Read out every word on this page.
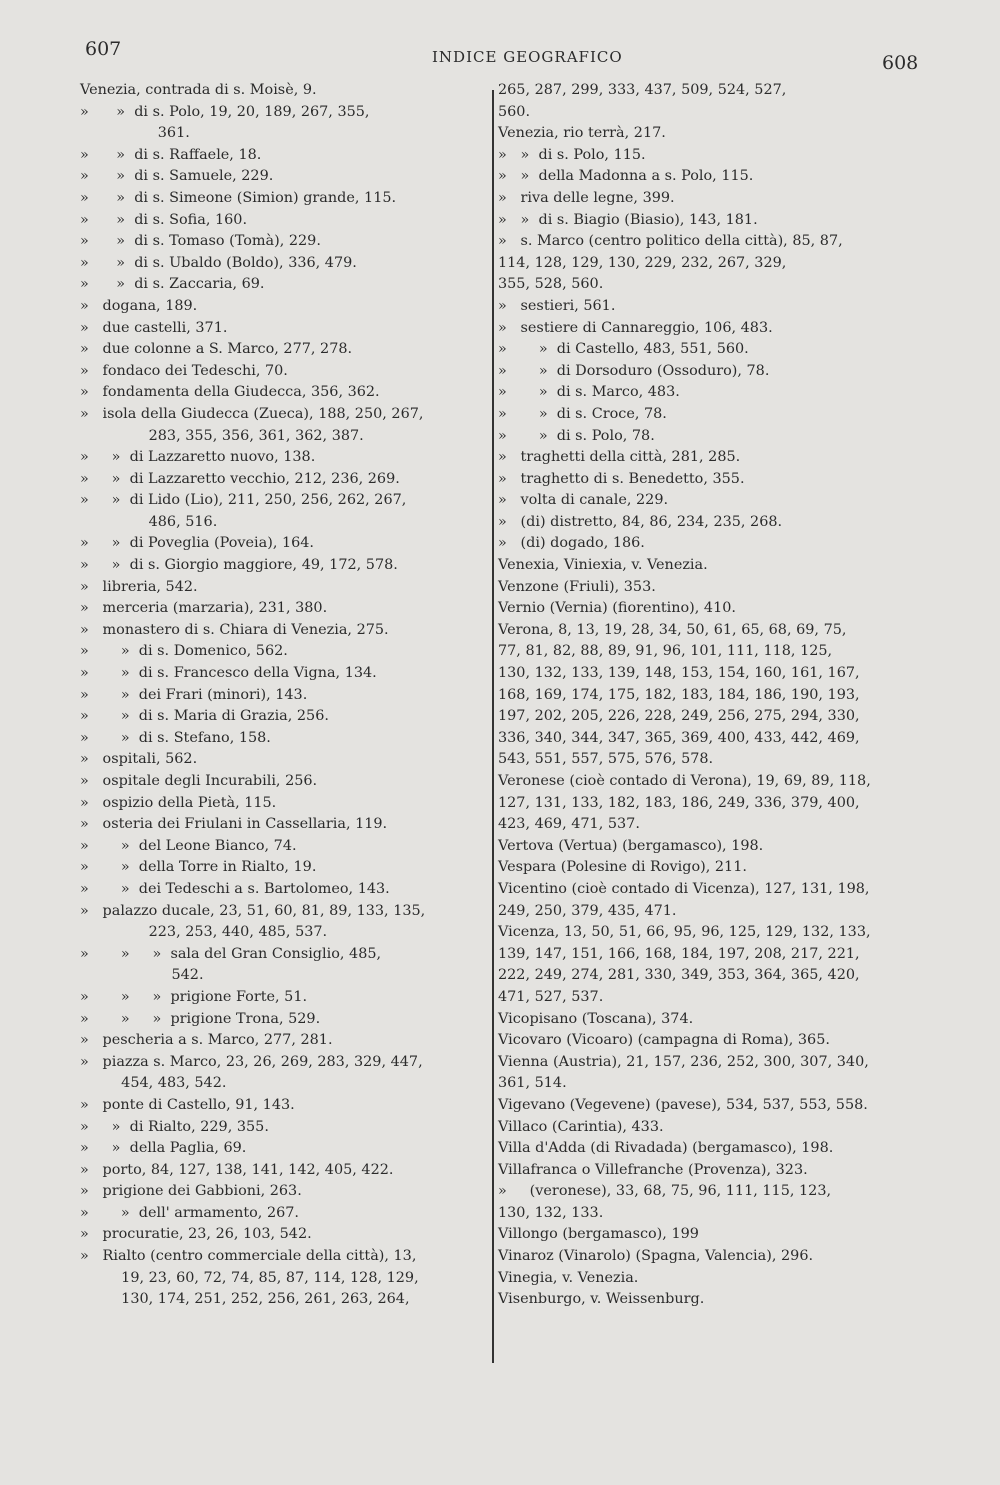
607	INDICE GEOGRAFICO	608
Venezia, contrada di s. Moisè, 9.
»      »  di s. Polo, 19, 20, 189, 267, 355,
361.
»      »  di s. Raffaele, 18.
»      »  di s. Samuele, 229.
»      »  di s. Simeone (Simion) grande, 115.
»      »  di s. Sofia, 160.
»      »  di s. Tomaso (Tomà), 229.
»      »  di s. Ubaldo (Boldo), 336, 479.
»      »  di s. Zaccaria, 69.
»   dogana, 189.
»   due castelli, 371.
»   due colonne a S. Marco, 277, 278.
»   fondaco dei Tedeschi, 70.
»   fondamenta della Giudecca, 356, 362.
»   isola della Giudecca (Zueca), 188, 250, 267,
283, 355, 356, 361, 362, 387.
»     »  di Lazzaretto nuovo, 138.
»     »  di Lazzaretto vecchio, 212, 236, 269.
»     »  di Lido (Lio), 211, 250, 256, 262, 267,
486, 516.
»     »  di Poveglia (Poveia), 164.
»     »  di s. Giorgio maggiore, 49, 172, 578.
»   libreria, 542.
»   merceria (marzaria), 231, 380.
»   monastero di s. Chiara di Venezia, 275.
»       »  di s. Domenico, 562.
»       »  di s. Francesco della Vigna, 134.
»       »  dei Frari (minori), 143.
»       »  di s. Maria di Grazia, 256.
»       »  di s. Stefano, 158.
»   ospitali, 562.
»   ospitale degli Incurabili, 256.
»   ospizio della Pietà, 115.
»   osteria dei Friulani in Cassellaria, 119.
»       »  del Leone Bianco, 74.
»       »  della Torre in Rialto, 19.
»       »  dei Tedeschi a s. Bartolomeo, 143.
»   palazzo ducale, 23, 51, 60, 81, 89, 133, 135,
223, 253, 440, 485, 537.
»       »     »  sala del Gran Consiglio, 485,
542.
»       »     »  prigione Forte, 51.
»       »     »  prigione Trona, 529.
»   pescheria a s. Marco, 277, 281.
»   piazza s. Marco, 23, 26, 269, 283, 329, 447,
454, 483, 542.
»   ponte di Castello, 91, 143.
»     »  di Rialto, 229, 355.
»     »  della Paglia, 69.
»   porto, 84, 127, 138, 141, 142, 405, 422.
»   prigione dei Gabbioni, 263.
»       »  dell' armamento, 267.
»   procuratie, 23, 26, 103, 542.
»   Rialto (centro commerciale della città), 13,
19, 23, 60, 72, 74, 85, 87, 114, 128, 129,
130, 174, 251, 252, 256, 261, 263, 264,
265, 287, 299, 333, 437, 509, 524, 527,
560.
Venezia, rio terrà, 217.
»   »  di s. Polo, 115.
»   »  della Madonna a s. Polo, 115.
»   riva delle legne, 399.
»   »  di s. Biagio (Biasio), 143, 181.
»   s. Marco (centro politico della città), 85, 87,
114, 128, 129, 130, 229, 232, 267, 329,
355, 528, 560.
»   sestieri, 561.
»   sestiere di Cannareggio, 106, 483.
»       »  di Castello, 483, 551, 560.
»       »  di Dorsoduro (Ossoduro), 78.
»       »  di s. Marco, 483.
»       »  di s. Croce, 78.
»       »  di s. Polo, 78.
»   traghetti della città, 281, 285.
»   traghetto di s. Benedetto, 355.
»   volta di canale, 229.
»   (di) distretto, 84, 86, 234, 235, 268.
»   (di) dogado, 186.
Venexia, Viniexia, v. Venezia.
Venzone (Friuli), 353.
Vernio (Vernia) (fiorentino), 410.
Verona, 8, 13, 19, 28, 34, 50, 61, 65, 68, 69, 75,
77, 81, 82, 88, 89, 91, 96, 101, 111, 118, 125,
130, 132, 133, 139, 148, 153, 154, 160, 161, 167,
168, 169, 174, 175, 182, 183, 184, 186, 190, 193,
197, 202, 205, 226, 228, 249, 256, 275, 294, 330,
336, 340, 344, 347, 365, 369, 400, 433, 442, 469,
543, 551, 557, 575, 576, 578.
Veronese (cioè contado di Verona), 19, 69, 89, 118,
127, 131, 133, 182, 183, 186, 249, 336, 379, 400,
423, 469, 471, 537.
Vertova (Vertua) (bergamasco), 198.
Vespara (Polesine di Rovigo), 211.
Vicentino (cioè contado di Vicenza), 127, 131, 198,
249, 250, 379, 435, 471.
Vicenza, 13, 50, 51, 66, 95, 96, 125, 129, 132, 133,
139, 147, 151, 166, 168, 184, 197, 208, 217, 221,
222, 249, 274, 281, 330, 349, 353, 364, 365, 420,
471, 527, 537.
Vicopisano (Toscana), 374.
Vicovaro (Vicoaro) (campagna di Roma), 365.
Vienna (Austria), 21, 157, 236, 252, 300, 307, 340,
361, 514.
Vigevano (Vegevene) (pavese), 534, 537, 553, 558.
Villaco (Carintia), 433.
Villa d'Adda (di Rivadada) (bergamasco), 198.
Villafranca o Villefranche (Provenza), 323.
»     (veronese), 33, 68, 75, 96, 111, 115, 123,
130, 132, 133.
Villongo (bergamasco), 199
Vinaroz (Vinarolo) (Spagna, Valencia), 296.
Vinegia, v. Venezia.
Visenburgo, v. Weissenburg.
